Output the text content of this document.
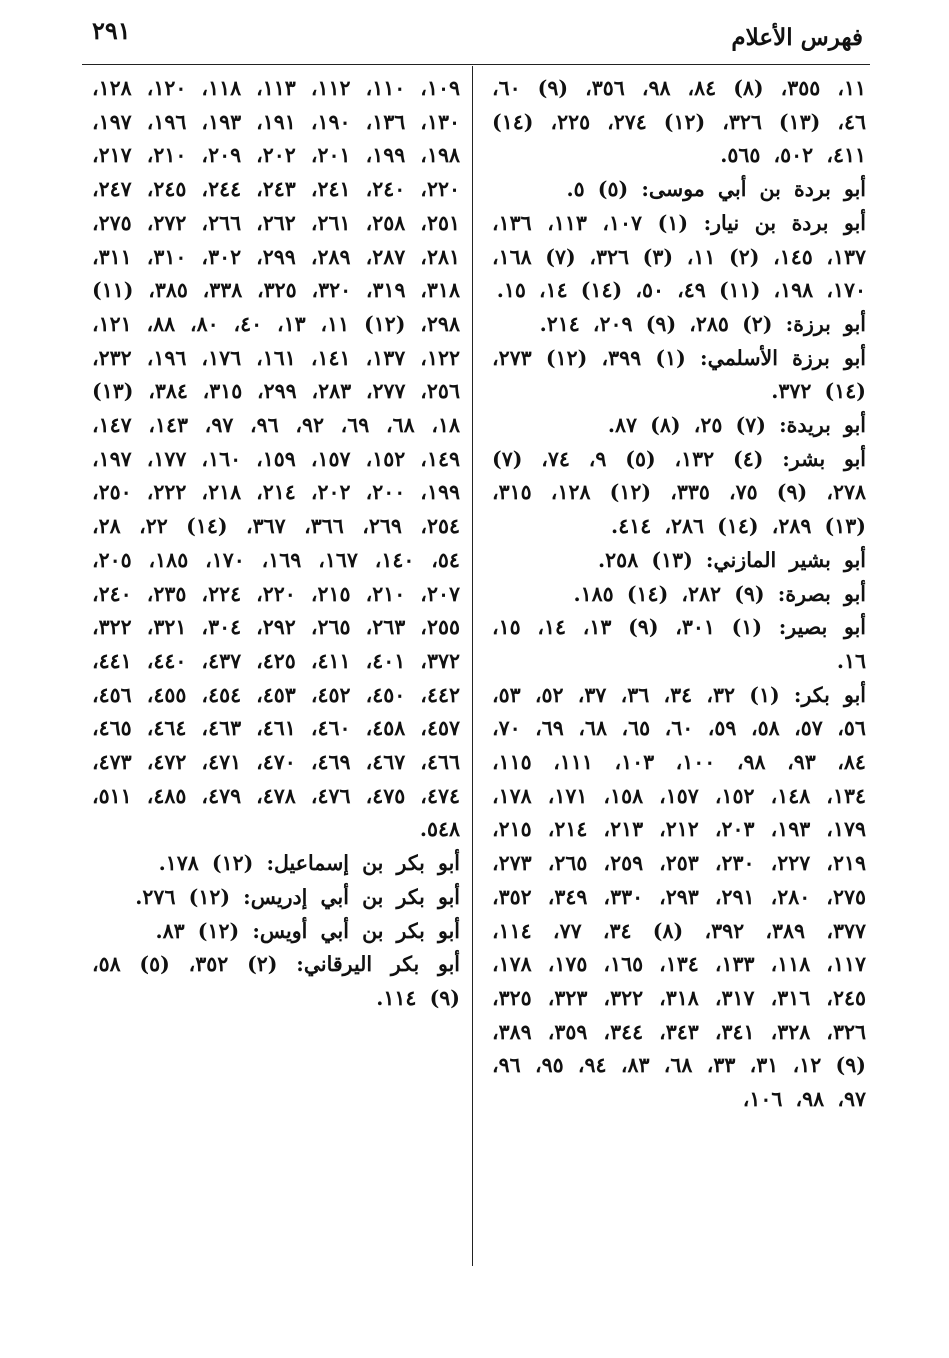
فهرس الأعلام
٢٩١

١١، ٣٥٥، (٨) ٨٤، ٩٨، ٣٥٦، (٩) ٦٠، ٤٦، (١٣) ٣٢٦، (١٢) ٢٧٤، ٢٢٥، (١٤) ٤١١، ٥٠٢، ٥٦٥.

أبو بردة بن أبي موسى: (٥) ٥.

أبو بردة بن نيار: (١) ١٠٧، ١١٣، ١٣٦، ١٣٧، ١٤٥، (٢) ١١، (٣) ٣٢٦، (٧) ١٦٨، ١٧٠، ١٩٨، (١١) ٤٩، ٥٠، (١٤) ١٤، ١٥.

أبو برزة: (٢) ٢٨٥، (٩) ٢٠٩، ٢١٤.

أبو برزة الأسلمي: (١) ٣٩٩، (١٢) ٢٧٣، (١٤) ٣٧٢.

أبو بريدة: (٧) ٢٥، (٨) ٨٧.

أبو بشر: (٤) ١٣٢، (٥) ٩، ٧٤، (٧) ٢٧٨، (٩) ٧٥، ٣٣٥، (١٢) ١٢٨، ٣١٥، (١٣) ٢٨٩، (١٤) ٢٨٦، ٤١٤.

أبو بشير المازني: (١٣) ٢٥٨.

أبو بصرة: (٩) ٢٨٢، (١٤) ١٨٥.

أبو بصير: (١) ٣٠١، (٩) ١٣، ١٤، ١٥، ١٦.

أبو بكر: (١) ٣٢، ٣٤، ٣٦، ٣٧، ٥٢، ٥٣، ٥٦، ٥٧، ٥٨، ٥٩، ٦٠، ٦٥، ٦٨، ٦٩، ٧٠، ٨٤، ٩٣، ٩٨، ١٠٠، ١٠٣، ١١١، ١١٥، ١٣٤، ١٤٨، ١٥٢، ١٥٧، ١٥٨، ١٧١، ١٧٨، ١٧٩، ١٩٣، ٢٠٣، ٢١٢، ٢١٣، ٢١٤، ٢١٥، ٢١٩، ٢٢٧، ٢٣٠، ٢٥٣، ٢٥٩، ٢٦٥، ٢٧٣، ٢٧٥، ٢٨٠، ٢٩١، ٢٩٣، ٣٣٠، ٣٤٩، ٣٥٢، ٣٧٧، ٣٨٩، ٣٩٢، (٨) ٣٤، ٧٧، ١١٤، ١١٧، ١١٨، ١٣٣، ١٣٤، ١٦٥، ١٧٥، ١٧٨، ٢٤٥، ٣١٦، ٣١٧، ٣١٨، ٣٢٢، ٣٢٣، ٣٢٥، ٣٢٦، ٣٢٨، ٣٤١، ٣٤٣، ٣٤٤، ٣٥٩، ٣٨٩، (٩) ١٢، ٣١، ٣٣، ٦٨، ٨٣، ٩٤، ٩٥، ٩٦، ٩٧، ٩٨، ١٠٦،

١٠٩، ١١٠، ١١٢، ١١٣، ١١٨، ١٢٠، ١٢٨، ١٣٠، ١٣٦، ١٩٠، ١٩١، ١٩٣، ١٩٦، ١٩٧، ١٩٨، ١٩٩، ٢٠١، ٢٠٢، ٢٠٩، ٢١٠، ٢١٧، ٢٢٠، ٢٤٠، ٢٤١، ٢٤٣، ٢٤٤، ٢٤٥، ٢٤٧، ٢٥١، ٢٥٨، ٢٦١، ٢٦٢، ٢٦٦، ٢٧٢، ٢٧٥، ٢٨١، ٢٨٧، ٢٨٩، ٢٩٩، ٣٠٢، ٣١٠، ٣١١، ٣١٨، ٣١٩، ٣٢٠، ٣٢٥، ٣٣٨، ٣٨٥، (١١) ٢٩٨، (١٢) ١١، ١٣، ٤٠، ٨٠، ٨٨، ١٢١، ١٢٢، ١٣٧، ١٤١، ١٦١، ١٧٦، ١٩٦، ٢٣٢، ٢٥٦، ٢٧٧، ٢٨٣، ٢٩٩، ٣١٥، ٣٨٤، (١٣) ١٨، ٦٨، ٦٩، ٩٢، ٩٦، ٩٧، ١٤٣، ١٤٧، ١٤٩، ١٥٢، ١٥٧، ١٥٩، ١٦٠، ١٧٧، ١٩٧، ١٩٩، ٢٠٠، ٢٠٢، ٢١٤، ٢١٨، ٢٢٢، ٢٥٠، ٢٥٤، ٢٦٩، ٣٦٦، ٣٦٧، (١٤) ٢٢، ٢٨، ٥٤، ١٤٠، ١٦٧، ١٦٩، ١٧٠، ١٨٥، ٢٠٥، ٢٠٧، ٢١٠، ٢١٥، ٢٢٠، ٢٢٤، ٢٣٥، ٢٤٠، ٢٥٥، ٢٦٣، ٢٦٥، ٢٩٢، ٣٠٤، ٣٢١، ٣٢٢، ٣٧٢، ٤٠١، ٤١١، ٤٢٥، ٤٣٧، ٤٤٠، ٤٤١، ٤٤٢، ٤٥٠، ٤٥٢، ٤٥٣، ٤٥٤، ٤٥٥، ٤٥٦، ٤٥٧، ٤٥٨، ٤٦٠، ٤٦١، ٤٦٣، ٤٦٤، ٤٦٥، ٤٦٦، ٤٦٧، ٤٦٩، ٤٧٠، ٤٧١، ٤٧٢، ٤٧٣، ٤٧٤، ٤٧٥، ٤٧٦، ٤٧٨، ٤٧٩، ٤٨٥، ٥١١، ٥٤٨.

أبو بكر بن إسماعيل: (١٢) ١٧٨.

أبو بكر بن أبي إدريس: (١٢) ٢٧٦.

أبو بكر بن أبي أويس: (١٢) ٨٣.

أبو بكر اليرقاني: (٢) ٣٥٢، (٥) ٥٨، (٩) ١١٤.
